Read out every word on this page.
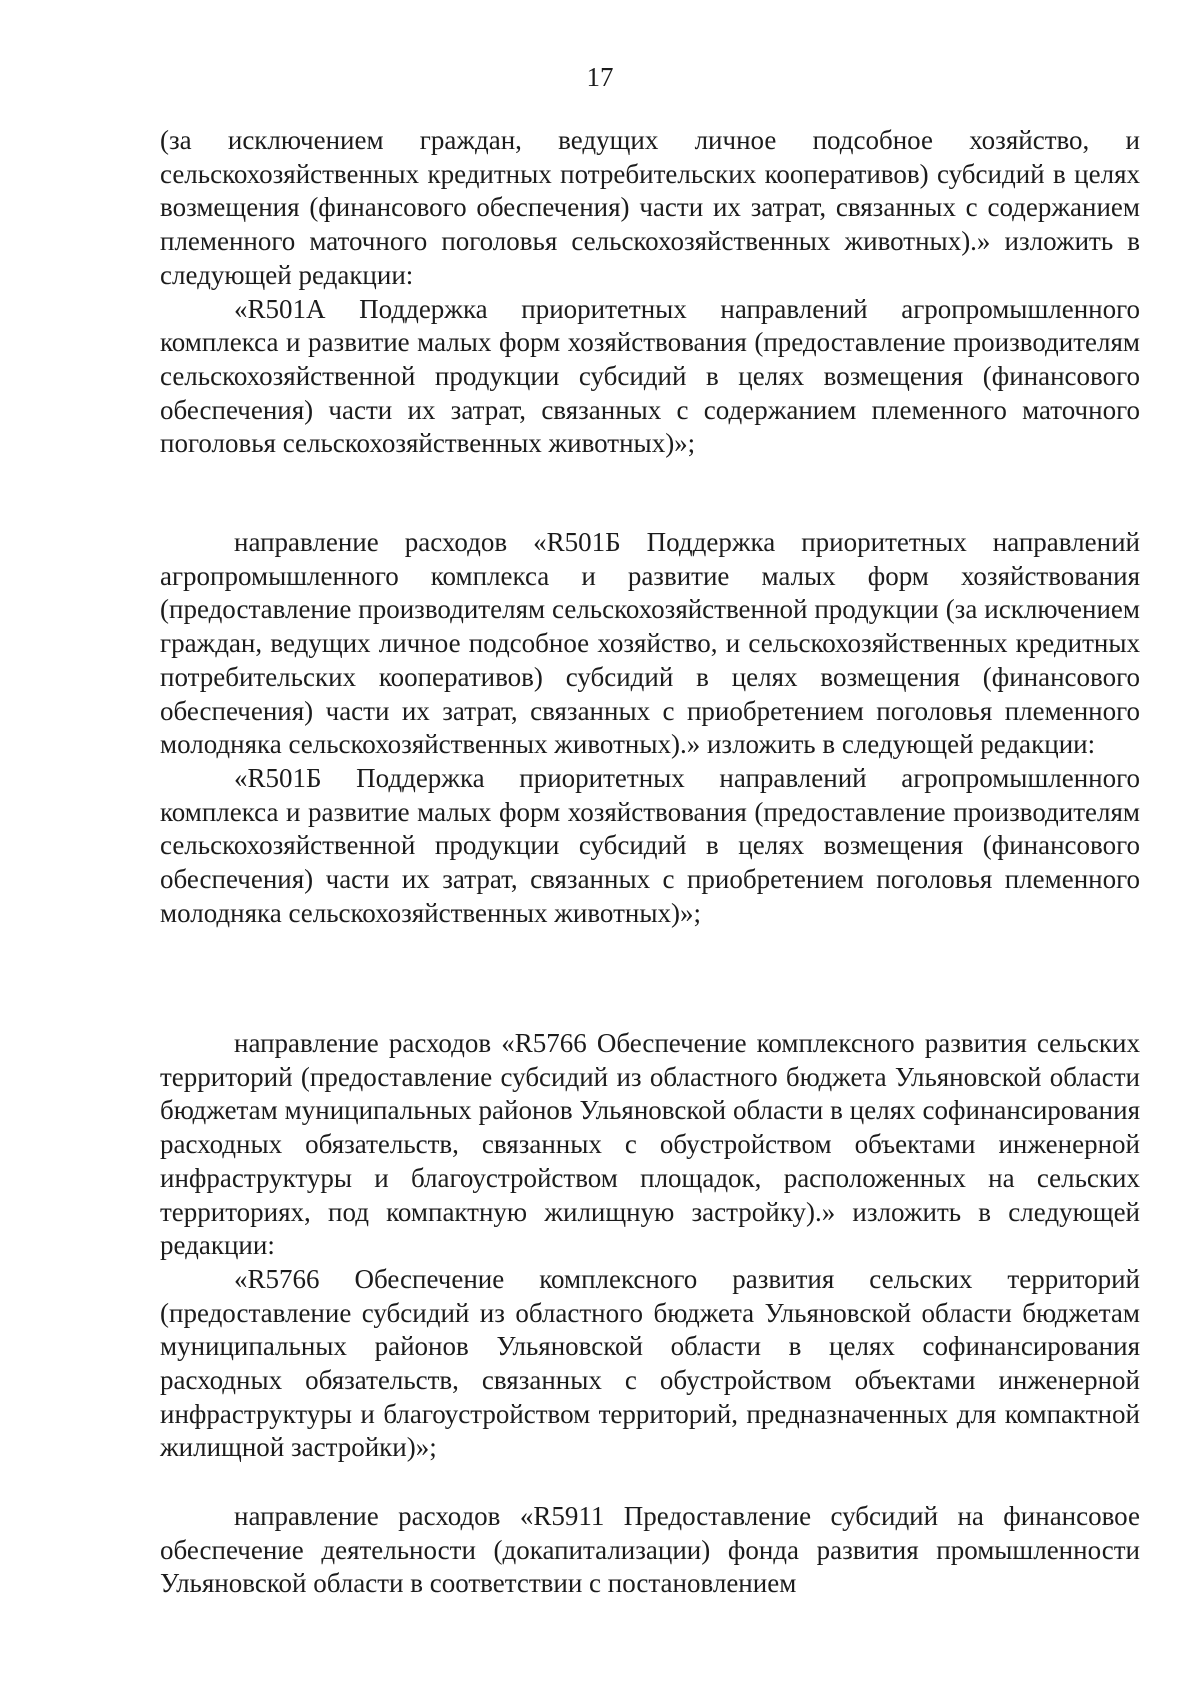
17

(за исключением граждан, ведущих личное подсобное хозяйство, и сельскохозяйственных кредитных потребительских кооперативов) субсидий в целях возмещения (финансового обеспечения) части их затрат, связанных с содержанием племенного маточного поголовья сельскохозяйственных животных).» изложить в следующей редакции:

«R501А Поддержка приоритетных направлений агропромышленного комплекса и развитие малых форм хозяйствования (предоставление производителям сельскохозяйственной продукции субсидий в целях возмещения (финансового обеспечения) части их затрат, связанных с содержанием племенного маточного поголовья сельскохозяйственных животных)»;

направление расходов «R501Б Поддержка приоритетных направлений агропромышленного комплекса и развитие малых форм хозяйствования (предоставление производителям сельскохозяйственной продукции (за исключением граждан, ведущих личное подсобное хозяйство, и сельскохозяйственных кредитных потребительских кооперативов) субсидий в целях возмещения (финансового обеспечения) части их затрат, связанных с приобретением поголовья племенного молодняка сельскохозяйственных животных).» изложить в следующей редакции:

«R501Б Поддержка приоритетных направлений агропромышленного комплекса и развитие малых форм хозяйствования (предоставление производителям сельскохозяйственной продукции субсидий в целях возмещения (финансового обеспечения) части их затрат, связанных с приобретением поголовья племенного молодняка сельскохозяйственных животных)»;

направление расходов «R5766 Обеспечение комплексного развития сельских территорий (предоставление субсидий из областного бюджета Ульяновской области бюджетам муниципальных районов Ульяновской области в целях софинансирования расходных обязательств, связанных с обустройством объектами инженерной инфраструктуры и благоустройством площадок, расположенных на сельских территориях, под компактную жилищную застройку).» изложить в следующей редакции:

«R5766 Обеспечение комплексного развития сельских территорий (предоставление субсидий из областного бюджета Ульяновской области бюджетам муниципальных районов Ульяновской области в целях софинансирования расходных обязательств, связанных с обустройством объектами инженерной инфраструктуры и благоустройством территорий, предназначенных для компактной жилищной застройки)»;

направление расходов «R5911 Предоставление субсидий на финансовое обеспечение деятельности (докапитализации) фонда развития промышленности Ульяновской области в соответствии с постановлением
